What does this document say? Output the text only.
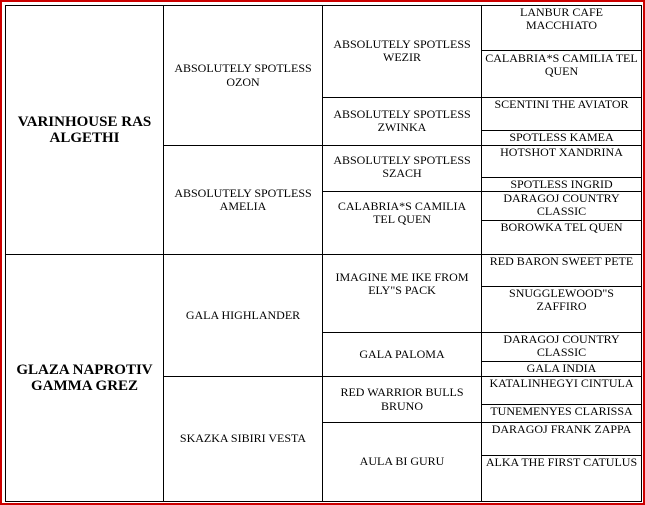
VARINHOUSE RAS ALGETHI
GLAZA NAPROTIV GAMMA GREZ
ABSOLUTELY SPOTLESS OZON
ABSOLUTELY SPOTLESS AMELIA
GALA HIGHLANDER
SKAZKA SIBIRI VESTA
ABSOLUTELY SPOTLESS WEZIR
ABSOLUTELY SPOTLESS ZWINKA
ABSOLUTELY SPOTLESS SZACH
CALABRIA*S CAMILIA TEL QUEN
IMAGINE ME IKE FROM ELY"S PACK
GALA PALOMA
RED WARRIOR BULLS BRUNO
AULA BI GURU
LANBUR CAFE MACCHIATO
CALABRIA*S CAMILIA TEL QUEN
SCENTINI THE AVIATOR
SPOTLESS KAMEA
HOTSHOT XANDRINA
SPOTLESS INGRID
DARAGOJ COUNTRY CLASSIC
BOROWKA TEL QUEN
RED BARON SWEET PETE
SNUGGLEWOOD"S ZAFFIRO
DARAGOJ COUNTRY CLASSIC
GALA INDIA
KATALINHEGYI CINTULA
TUNEMENYES CLARISSA
DARAGOJ FRANK ZAPPA
ALKA THE FIRST CATULUS
